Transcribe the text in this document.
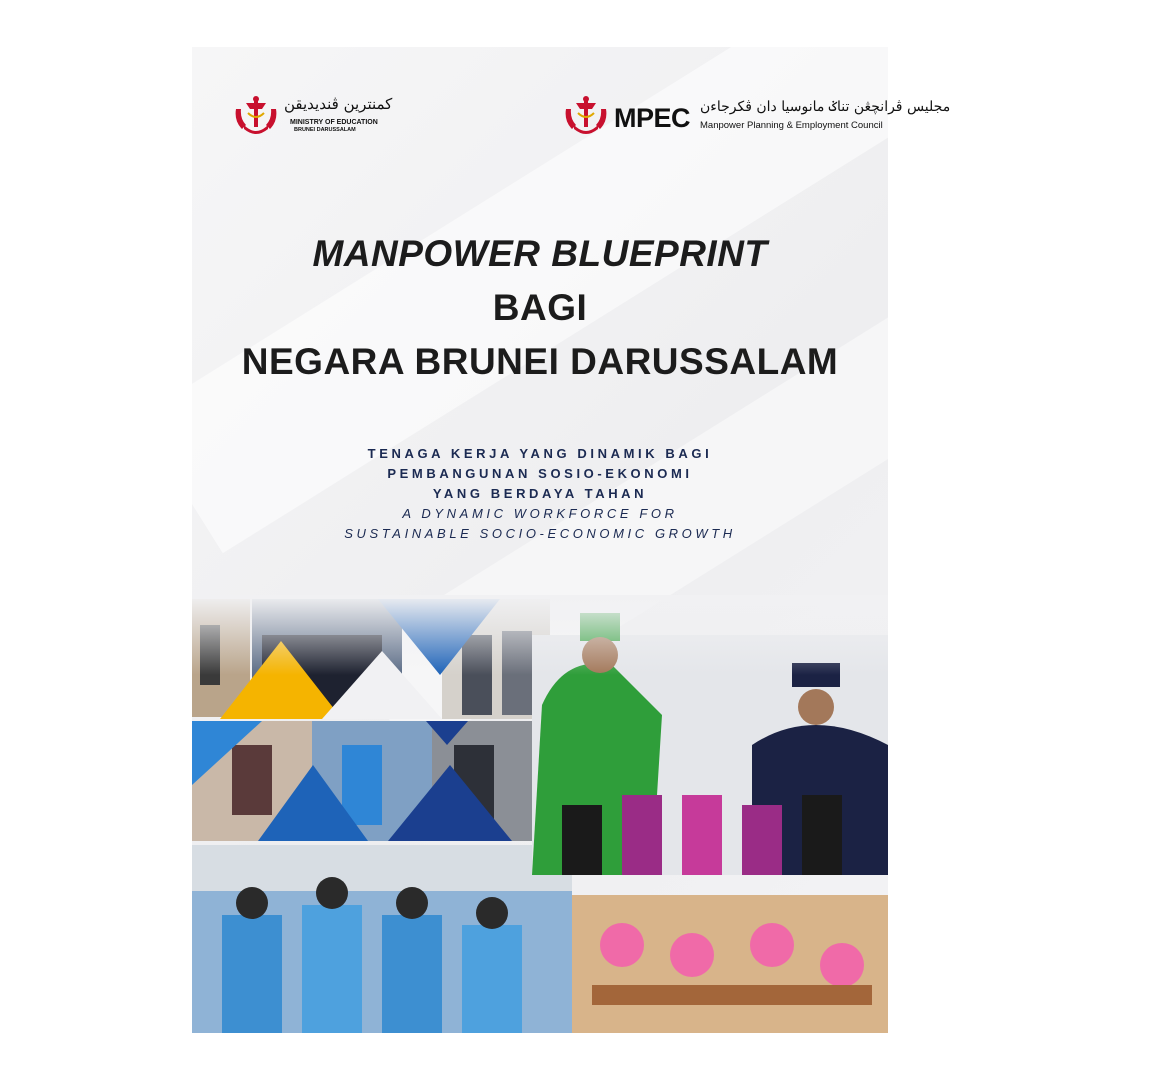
كمنترين ڤنديديقن
MINISTRY OF EDUCATION
BRUNEI DARUSSALAM	MPEC مجليس ڤرانچڠن تناݢ مانوسيا دان ڤكرجاءن
Manpower Planning & Employment Council
MANPOWER BLUEPRINT
BAGI
NEGARA BRUNEI DARUSSALAM
TENAGA KERJA YANG DINAMIK BAGI
PEMBANGUNAN SOSIO-EKONOMI
YANG BERDAYA TAHAN
A DYNAMIC WORKFORCE FOR
SUSTAINABLE SOCIO-ECONOMIC GROWTH
